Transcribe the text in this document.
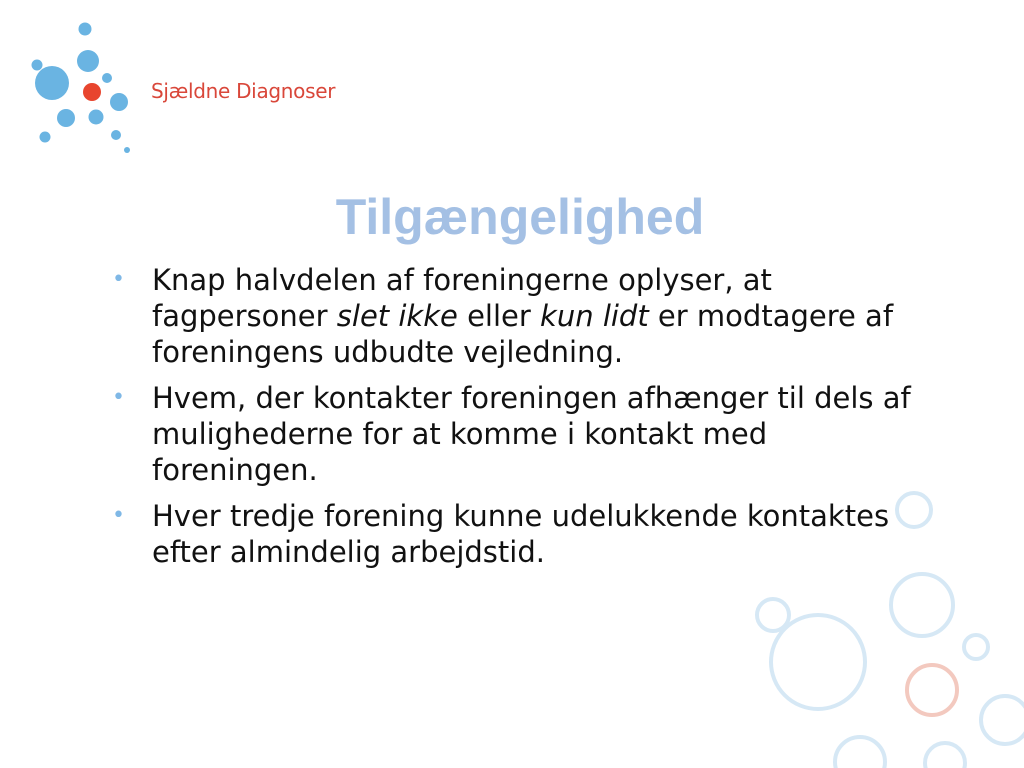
Sjældne Diagnoser
Tilgængelighed
• Knap halvdelen af foreningerne oplyser, at fagpersoner slet ikke eller kun lidt er modtagere af foreningens udbudte vejledning.
• Hvem, der kontakter foreningen afhænger til dels af mulighederne for at komme i kontakt med foreningen.
• Hver tredje forening kunne udelukkende kontaktes efter almindelig arbejdstid.
